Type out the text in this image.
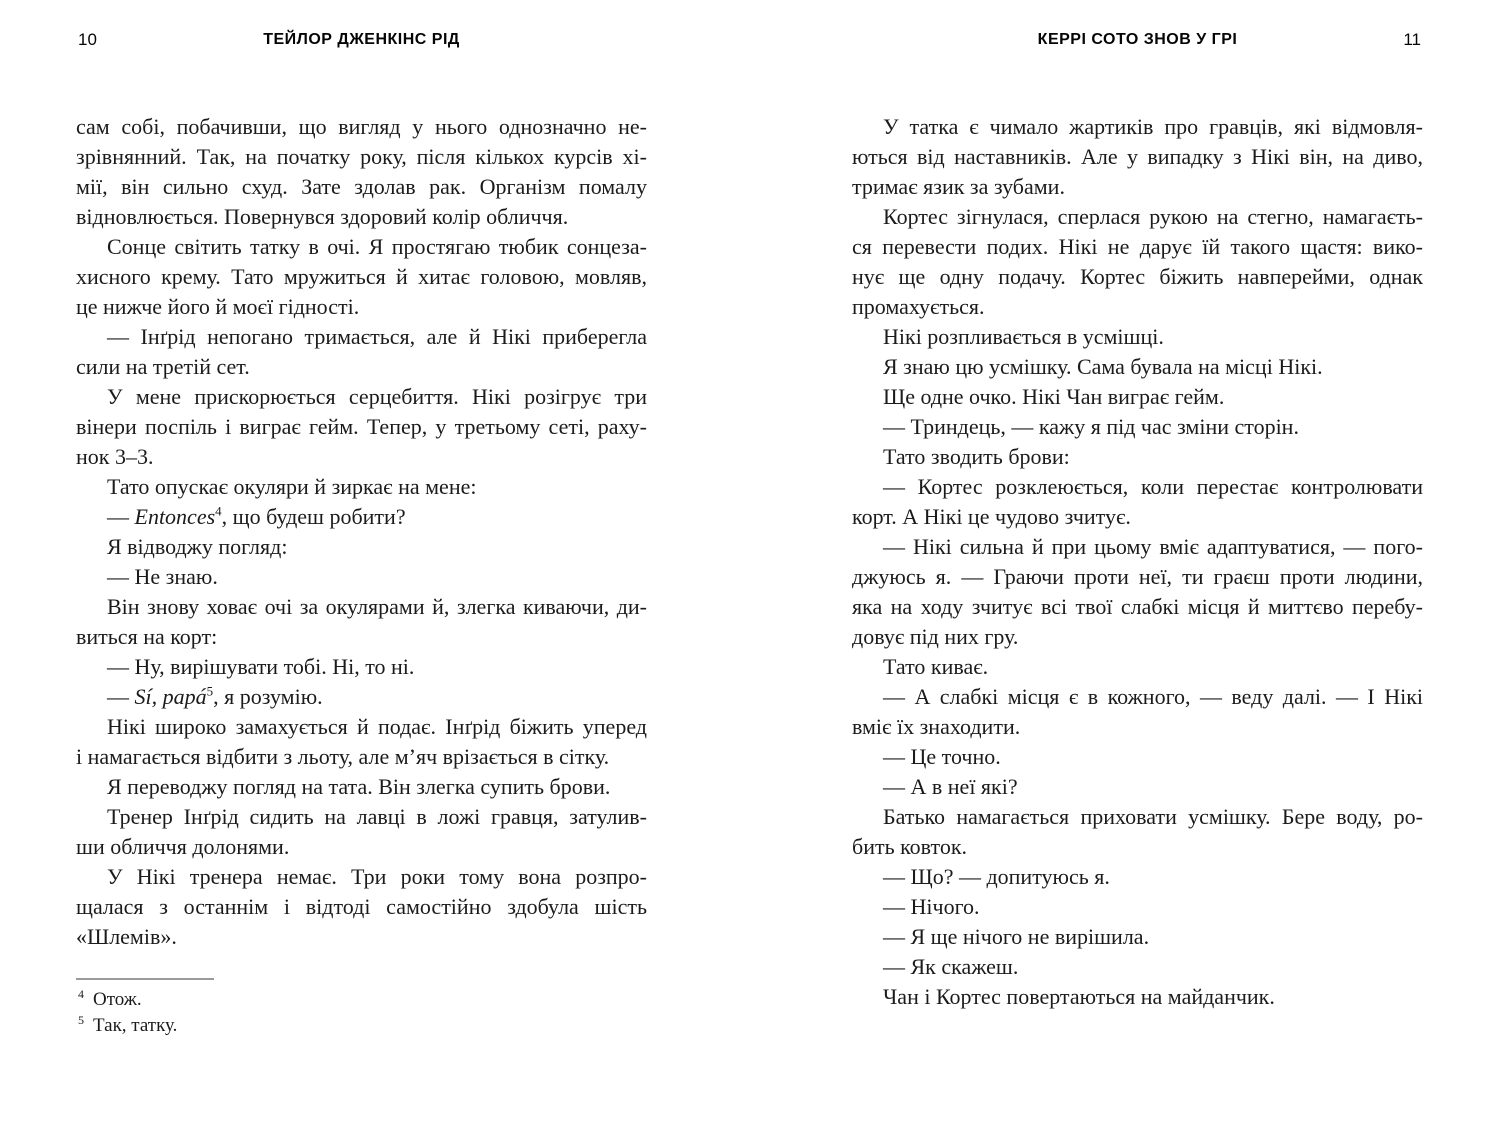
10	ТЕЙЛОР ДЖЕНКІНС РІД
сам собі, побачивши, що вигляд у нього однозначно не-
зрівнянний. Так, на початку року, після кількох курсів хі-
мії, він сильно схуд. Зате здолав рак. Організм помалу
відновлюється. Повернувся здоровий колір обличчя.
Сонце світить татку в очі. Я простягаю тюбик сонцеза-
хисного крему. Тато мружиться й хитає головою, мовляв,
це нижче його й моєї гідності.
— Інґрід непогано тримається, але й Нікі приберегла
сили на третій сет.
У мене прискорюється серцебиття. Нікі розігрує три
вінери поспіль і виграє гейм. Тепер, у третьому сеті, раху-
нок 3–3.
Тато опускає окуляри й зиркає на мене:
— Entonces$^4$, що будеш робити?
Я відводжу погляд:
— Не знаю.
Він знову ховає очі за окулярами й, злегка киваючи, ди-
виться на корт:
— Ну, вирішувати тобі. Ні, то ні.
— Sí, papá$^5$, я розумію.
Нікі широко замахується й подає. Інґрід біжить уперед
і намагається відбити з льоту, але м’яч врізається в сітку.
Я переводжу погляд на тата. Він злегка супить брови.
Тренер Інґрід сидить на лавці в ложі гравця, затулив-
ши обличчя долонями.
У Нікі тренера немає. Три роки тому вона розпро-
щалася з останнім і відтоді самостійно здобула шість
«Шлемів».
$^4$ Отож.
$^5$ Так, татку.
11
КЕРРІ СОТО ЗНОВ У ГРІ
У татка є чимало жартиків про гравців, які відмовля-
ються від наставників. Але у випадку з Нікі він, на диво,
тримає язик за зубами.
Кортес зігнулася, сперлася рукою на стегно, намагаєть-
ся перевести подих. Нікі не дарує їй такого щастя: вико-
нує ще одну подачу. Кортес біжить навперейми, однак
промахується.
Нікі розпливається в усмішці.
Я знаю цю усмішку. Сама бувала на місці Нікі.
Ще одне очко. Нікі Чан виграє гейм.
— Триндець, — кажу я під час зміни сторін.
Тато зводить брови:
— Кортес розклеюється, коли перестає контролювати
корт. А Нікі це чудово зчитує.
— Нікі сильна й при цьому вміє адаптуватися, — пого-
джуюсь я. — Граючи проти неї, ти граєш проти людини,
яка на ходу зчитує всі твої слабкі місця й миттєво перебу-
довує під них гру.
Тато киває.
— А слабкі місця є в кожного, — веду далі. — І Нікі
вміє їх знаходити.
— Це точно.
— А в неї які?
Батько намагається приховати усмішку. Бере воду, ро-
бить ковток.
— Що? — допитуюсь я.
— Нічого.
— Я ще нічого не вирішила.
— Як скажеш.
Чан і Кортес повертаються на майданчик.
